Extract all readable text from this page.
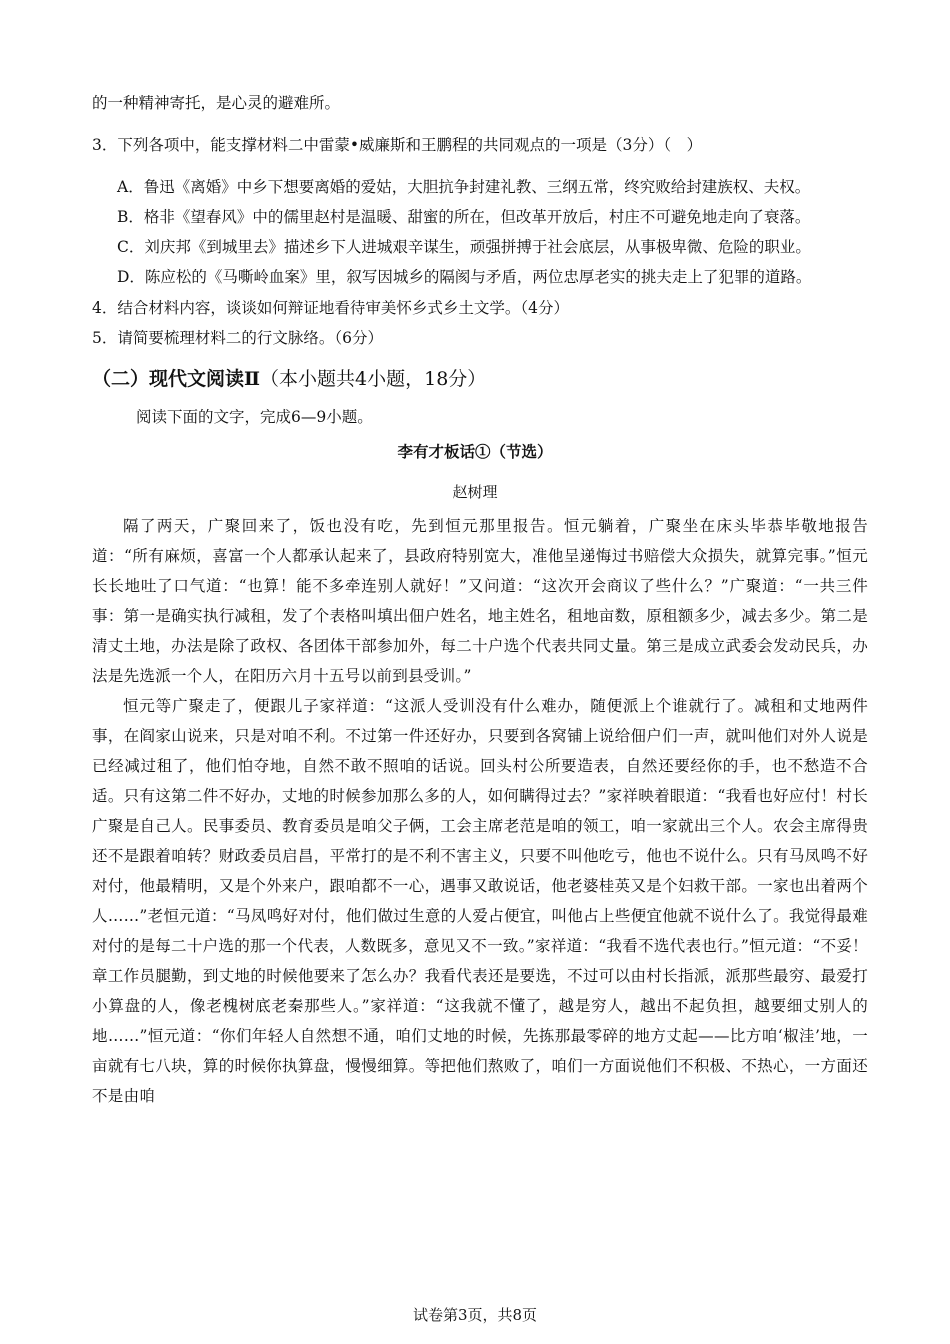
的一种精神寄托，是心灵的避难所。
3．下列各项中，能支撑材料二中雷蒙•威廉斯和王鹏程的共同观点的一项是（3分）（　）
A．鲁迅《离婚》中乡下想要离婚的爱姑，大胆抗争封建礼教、三纲五常，终究败给封建族权、夫权。
B．格非《望春风》中的儒里赵村是温暖、甜蜜的所在，但改革开放后，村庄不可避免地走向了衰落。
C．刘庆邦《到城里去》描述乡下人进城艰辛谋生，顽强拼搏于社会底层，从事极卑微、危险的职业。
D．陈应松的《马嘶岭血案》里，叙写因城乡的隔阂与矛盾，两位忠厚老实的挑夫走上了犯罪的道路。
4．结合材料内容，谈谈如何辩证地看待审美怀乡式乡土文学。（4分）
5．请简要梳理材料二的行文脉络。（6分）
（二）现代文阅读Ⅱ（本小题共4小题，18分）
阅读下面的文字，完成6—9小题。
李有才板话①（节选）
赵树理

隔了两天，广聚回来了，饭也没有吃，先到恒元那里报告。恒元躺着，广聚坐在床头毕恭毕敬地报告道：“所有麻烦，喜富一个人都承认起来了，县政府特别宽大，准他呈递悔过书赔偿大众损失，就算完事。”恒元长长地吐了口气道：“也算！能不多牵连别人就好！”又问道：“这次开会商议了些什么？”广聚道：“一共三件事：第一是确实执行减租，发了个表格叫填出佃户姓名，地主姓名，租地亩数，原租额多少，减去多少。第二是清丈土地，办法是除了政权、各团体干部参加外，每二十户选个代表共同丈量。第三是成立武委会发动民兵，办法是先选派一个人，在阳历六月十五号以前到县受训。”

恒元等广聚走了，便跟儿子家祥道：“这派人受训没有什么难办，随便派上个谁就行了。减租和丈地两件事，在阎家山说来，只是对咱不利。不过第一件还好办，只要到各窝铺上说给佃户们一声，就叫他们对外人说是已经减过租了，他们怕夺地，自然不敢不照咱的话说。回头村公所要造表，自然还要经你的手，也不愁造不合适。只有这第二件不好办，丈地的时候参加那么多的人，如何瞒得过去？”家祥映着眼道：“我看也好应付！村长广聚是自己人。民事委员、教育委员是咱父子俩，工会主席老范是咱的领工，咱一家就出三个人。农会主席得贵还不是跟着咱转？财政委员启昌，平常打的是不利不害主义，只要不叫他吃亏，他也不说什么。只有马凤鸣不好对付，他最精明，又是个外来户，跟咱都不一心，遇事又敢说话，他老婆桂英又是个妇救干部。一家也出着两个人……”老恒元道：“马凤鸣好对付，他们做过生意的人爱占便宜，叫他占上些便宜他就不说什么了。我觉得最难对付的是每二十户选的那一个代表，人数既多，意见又不一致。”家祥道：“我看不选代表也行。”恒元道：“不妥！章工作员腿勤，到丈地的时候他要来了怎么办？我看代表还是要选，不过可以由村长指派，派那些最穷、最爱打小算盘的人，像老槐树底老秦那些人。”家祥道：“这我就不懂了，越是穷人，越出不起负担，越要细丈别人的地……”恒元道：“你们年轻人自然想不通，咱们丈地的时候，先拣那最零碎的地方丈起——比方咱‘椒洼’地，一亩就有七八块，算的时候你执算盘，慢慢细算。等把他们熬败了，咱们一方面说他们不积极、不热心，一方面还不是由咱

试卷第3页，共8页
